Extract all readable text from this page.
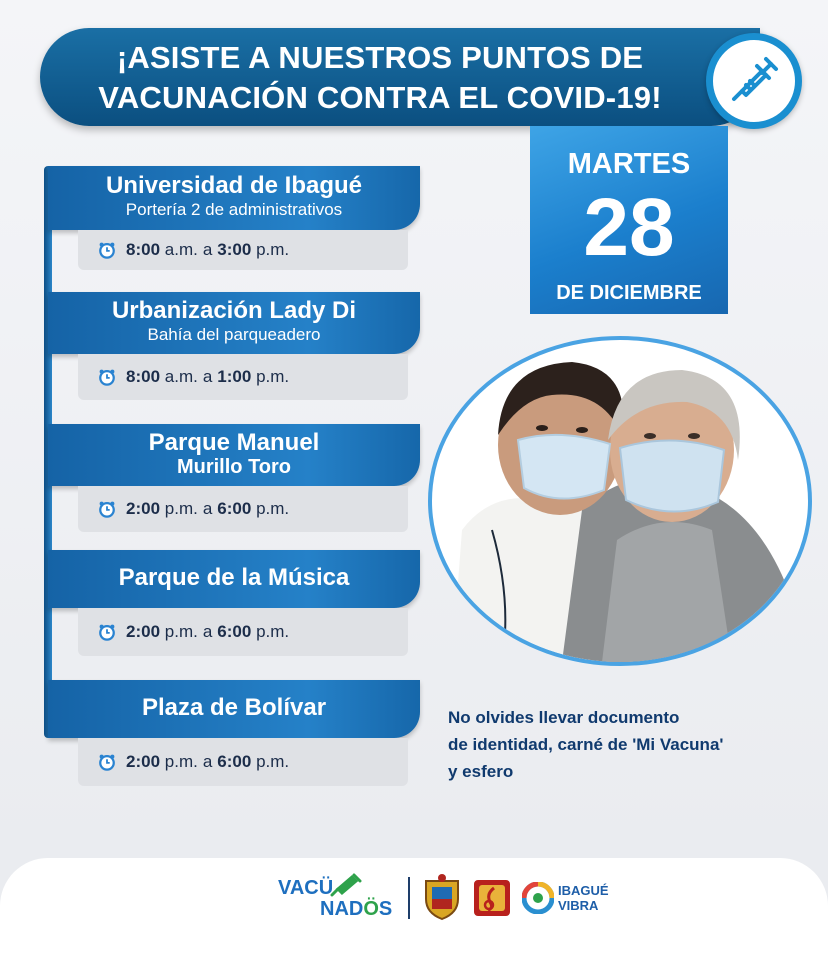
¡ASISTE A NUESTROS PUNTOS DE
VACUNACIÓN CONTRA EL COVID-19!
MARTES
28
DE DICIEMBRE
Universidad de Ibagué
Portería 2 de administrativos
8:00
a.m. a 3:00
p.m.
Urbanización Lady Di
Bahía del parqueadero
8:00
a.m. a 1:00
p.m.
Parque Manuel
Murillo Toro
2:00
p.m. a 6:00
p.m.
Parque de la Música
2:00
p.m. a 6:00
p.m.
Plaza de Bolívar
2:00
p.m. a 6:00
p.m.
No olvides llevar documento
de identidad, carné de 'Mi Vacuna'
y esfero
VACÜ
NADÖS
IBAGUÉ
VIBRA
